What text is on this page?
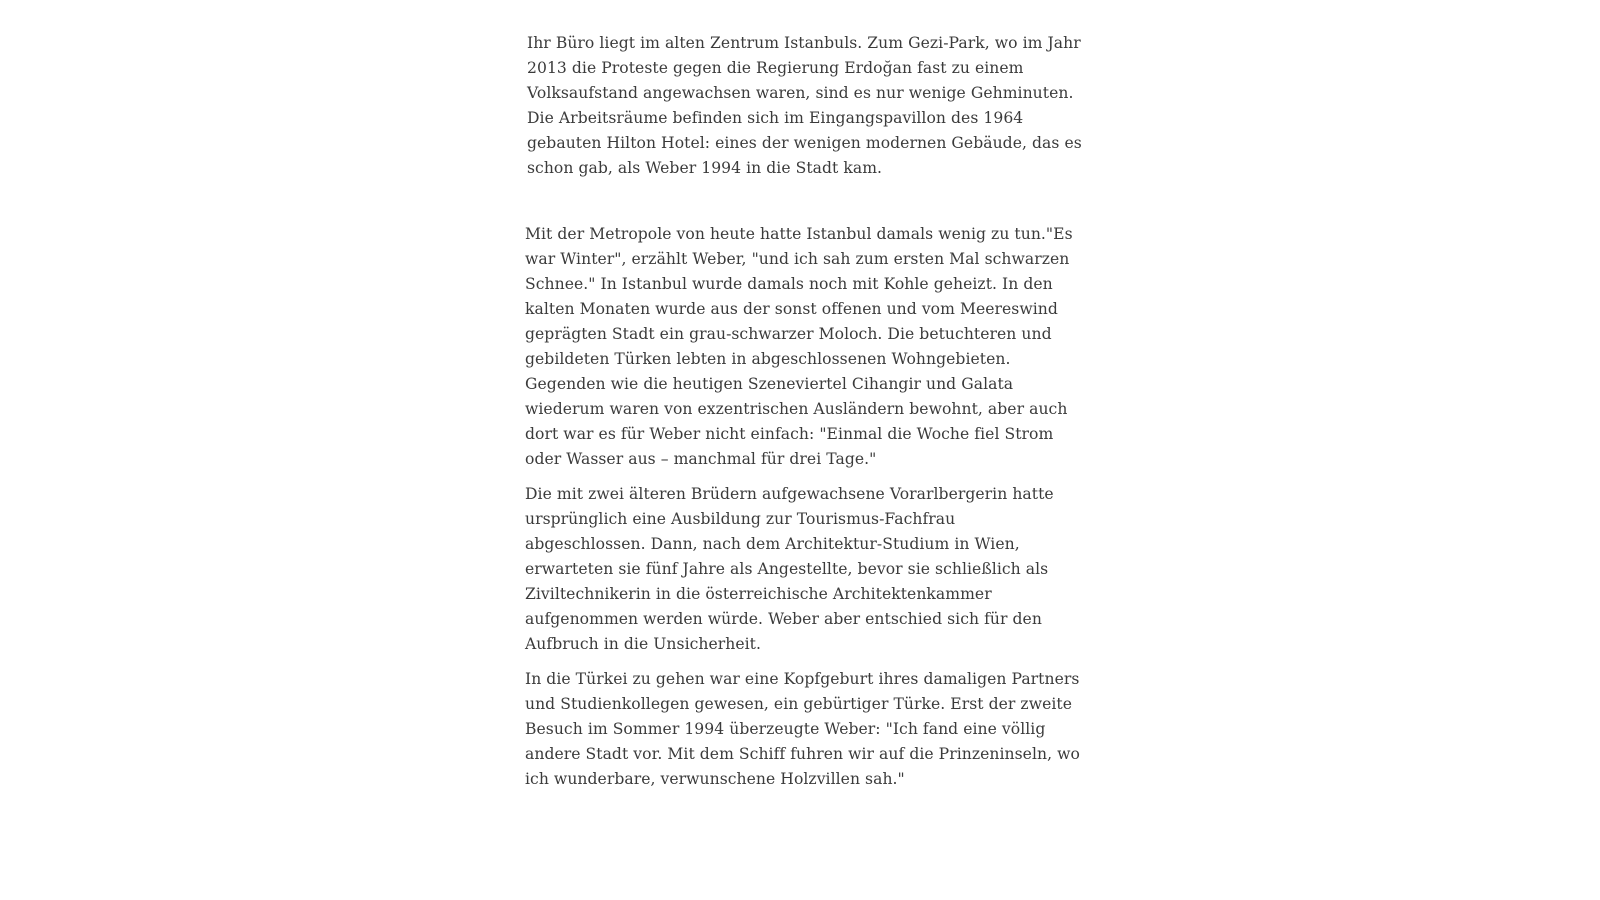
Ihr Büro liegt im alten Zentrum Istanbuls. Zum Gezi-Park, wo im Jahr 2013 die Proteste gegen die Regierung Erdoğan fast zu einem Volksaufstand angewachsen waren, sind es nur wenige Gehminuten. Die Arbeitsräume befinden sich im Eingangspavillon des 1964 gebauten Hilton Hotel: eines der wenigen modernen Gebäude, das es schon gab, als Weber 1994 in die Stadt kam.

Mit der Metropole von heute hatte Istanbul damals wenig zu tun."Es war Winter", erzählt Weber, "und ich sah zum ersten Mal schwarzen Schnee." In Istanbul wurde damals noch mit Kohle geheizt. In den kalten Monaten wurde aus der sonst offenen und vom Meereswind geprägten Stadt ein grau-schwarzer Moloch. Die betuchteren und gebildeten Türken lebten in abgeschlossenen Wohngebieten. Gegenden wie die heutigen Szeneviertel Cihangir und Galata wiederum waren von exzentrischen Ausländern bewohnt, aber auch dort war es für Weber nicht einfach: "Einmal die Woche fiel Strom oder Wasser aus – manchmal für drei Tage."

Die mit zwei älteren Brüdern aufgewachsene Vorarlbergerin hatte ursprünglich eine Ausbildung zur Tourismus-Fachfrau abgeschlossen. Dann, nach dem Architektur-Studium in Wien, erwarteten sie fünf Jahre als Angestellte, bevor sie schließlich als Ziviltechnikerin in die österreichische Architektenkammer aufgenommen werden würde. Weber aber entschied sich für den Aufbruch in die Unsicherheit.

In die Türkei zu gehen war eine Kopfgeburt ihres damaligen Partners und Studienkollegen gewesen, ein gebürtiger Türke. Erst der zweite Besuch im Sommer 1994 überzeugte Weber: "Ich fand eine völlig andere Stadt vor. Mit dem Schiff fuhren wir auf die Prinzeninseln, wo ich wunderbare, verwunschene Holzvillen sah."
